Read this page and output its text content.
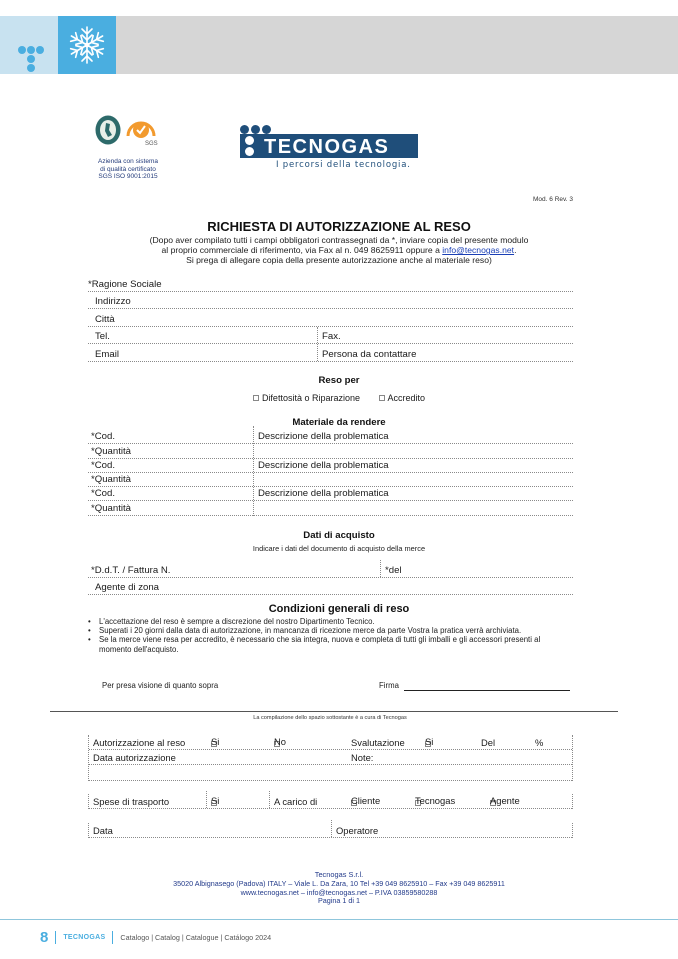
SGS
Azienda con sistema
di qualità certificato
SGS ISO 9001:2015
TECNOGAS
I percorsi della tecnologia.
Mod. 6 Rev. 3
RICHIESTA DI AUTORIZZAZIONE AL RESO
(Dopo aver compilato tutti i campi obbligatori contrassegnati da *, inviare copia del presente modulo
al proprio commerciale di riferimento, via Fax al n. 049 8625911 oppure a info@tecnogas.net.
Si prega di allegare copia della presente autorizzazione anche al materiale reso)
*Ragione Sociale
Indirizzo
Città
Tel.	Fax.
Email	Persona da contattare
Reso per
Difettosità o Riparazione	Accredito
Materiale da rendere
*Cod.	Descrizione della problematica
*Quantità
*Cod.	Descrizione della problematica
*Quantità
*Cod.	Descrizione della problematica
*Quantità
Dati di acquisto
Indicare i dati del documento di acquisto della merce
*D.d.T. / Fattura N.	*del
Agente di zona
Condizioni generali di reso
• L'accettazione del reso è sempre a discrezione del nostro Dipartimento Tecnico.
• Superati i 20 giorni dalla data di autorizzazione, in mancanza di ricezione merce da parte Vostra la pratica verrà archiviata.
• Se la merce viene resa per accredito, è necessario che sia integra, nuova e completa di tutti gli imballi e gli accessori presenti al momento dell'acquisto.
Per presa visione di quanto sopra	Firma
La compilazione dello spazio sottostante è a cura di Tecnogas
Autorizzazione al reso	Si	No	Svalutazione Si	Del	%
Data autorizzazione	Note:
Spese di trasporto	Si	A carico di	Cliente	Tecnogas	Agente
Data	Operatore
Tecnogas S.r.l.
35020 Albignasego (Padova) ITALY – Viale L. Da Zara, 10 Tel +39 049 8625910 – Fax +39 049 8625911
www.tecnogas.net – info@tecnogas.net – P.IVA 03859580288
Pagina 1 di 1
8 TECNOGAS Catalogo | Catalog | Catalogue | Catálogo 2024
